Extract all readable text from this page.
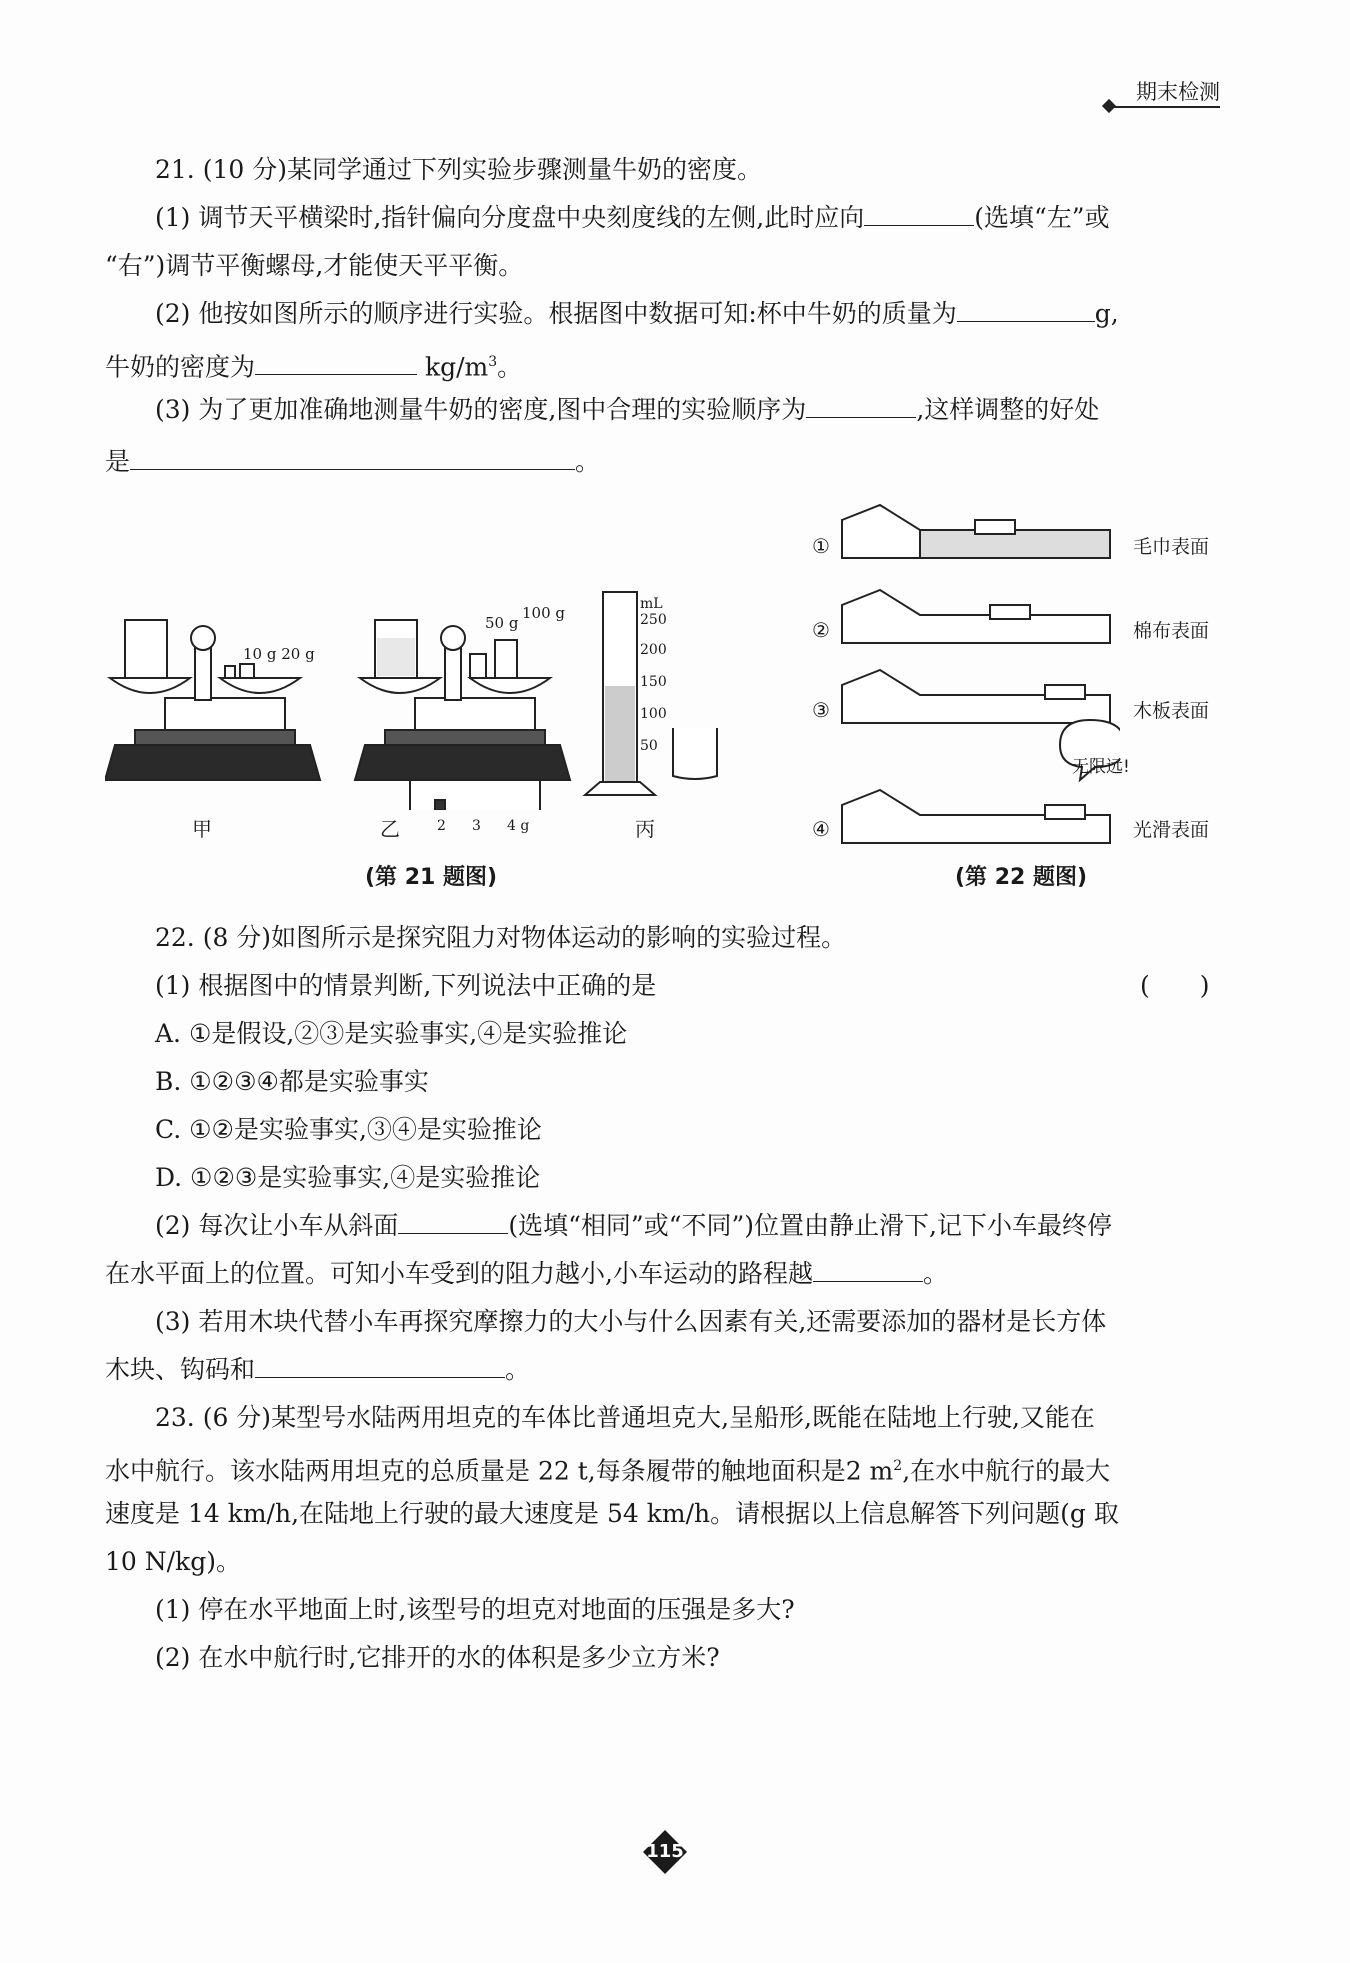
期末检测
21. (10 分)某同学通过下列实验步骤测量牛奶的密度。
(1) 调节天平横梁时,指针偏向分度盘中央刻度线的左侧,此时应向	(选填“左”或
“右”)调节平衡螺母,才能使天平平衡。
(2) 他按如图所示的顺序进行实验。根据图中数据可知:杯中牛奶的质量为	g,
牛奶的密度为	$kg/m^3$。
(3) 为了更加准确地测量牛奶的密度,图中合理的实验顺序为	,这样调整的好处
是	。
10 g 20 g
50 g
100 g	mL
250
200
150
100
50
2 3 4 g
甲	乙	丙
(第 21 题图)
①
②
③
④
毛巾表面
棉布表面
木板表面
光滑表面
无限远!
(第 22 题图)
22. (8 分)如图所示是探究阻力对物体运动的影响的实验过程。
(1) 根据图中的情景判断,下列说法中正确的是	(　　)
A. ①是假设,②③是实验事实,④是实验推论
B. ①②③④都是实验事实
C. ①②是实验事实,③④是实验推论
D. ①②③是实验事实,④是实验推论
(2) 每次让小车从斜面	(选填“相同”或“不同”)位置由静止滑下,记下小车最终停
在水平面上的位置。可知小车受到的阻力越小,小车运动的路程越	。
(3) 若用木块代替小车再探究摩擦力的大小与什么因素有关,还需要添加的器材是长方体
木块、钩码和	。
23. (6 分)某型号水陆两用坦克的车体比普通坦克大,呈船形,既能在陆地上行驶,又能在
水中航行。该水陆两用坦克的总质量是 22 t,每条履带的触地面积是2 $m^2$,在水中航行的最大
速度是 14 km/h,在陆地上行驶的最大速度是 54 km/h。请根据以上信息解答下列问题(g 取
10 N/kg)。
(1) 停在水平地面上时,该型号的坦克对地面的压强是多大?
(2) 在水中航行时,它排开的水的体积是多少立方米?
115
